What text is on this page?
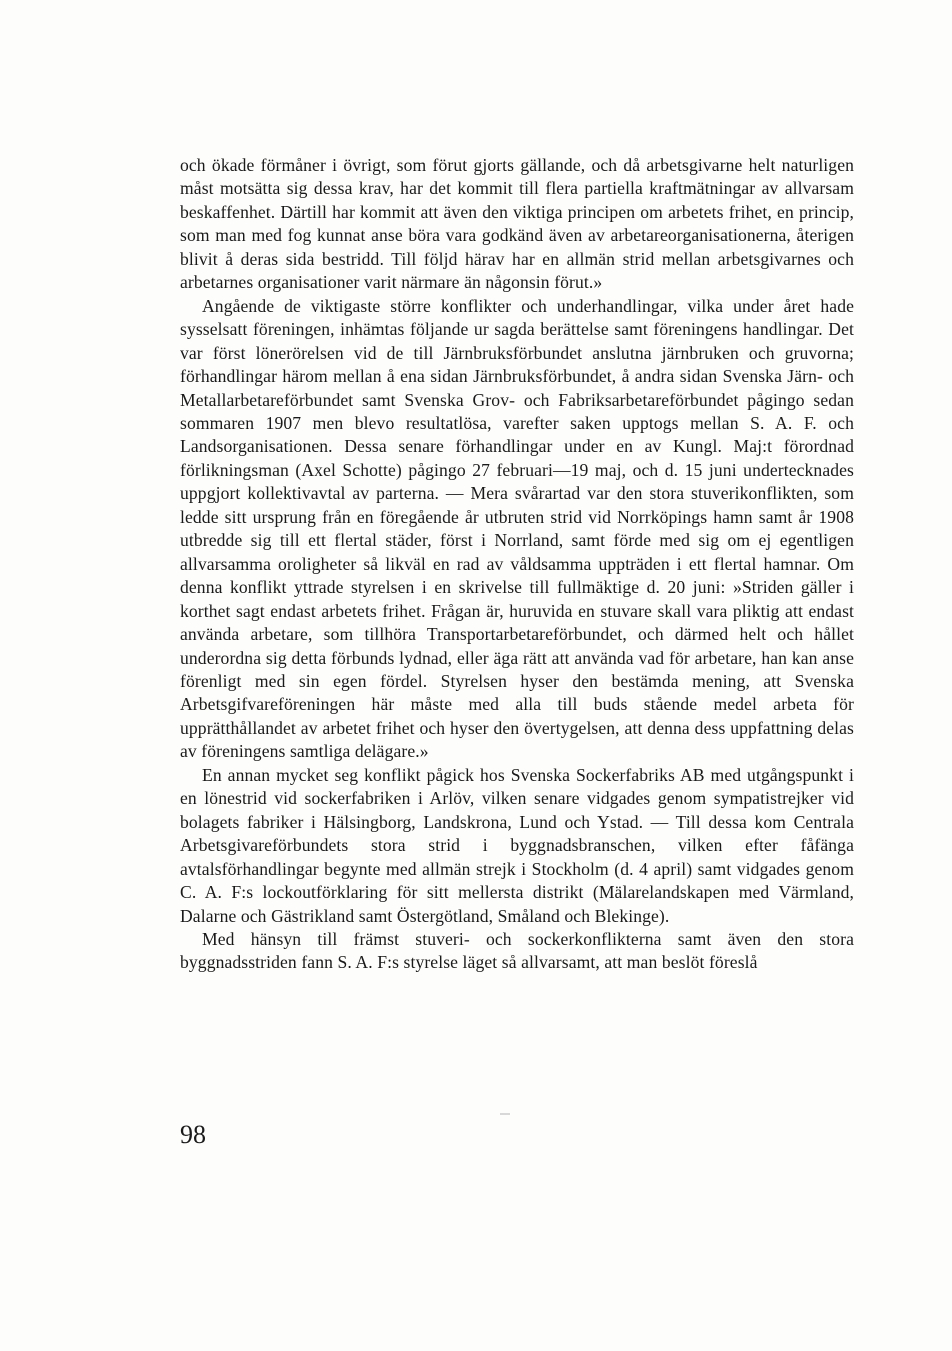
och ökade förmåner i övrigt, som förut gjorts gällande, och då arbetsgivarne helt naturligen måst motsätta sig dessa krav, har det kommit till flera partiella kraftmätningar av allvarsam beskaffenhet. Därtill har kommit att även den viktiga principen om arbetets frihet, en princip, som man med fog kunnat anse böra vara godkänd även av arbetareorganisationerna, återigen blivit å deras sida bestridd. Till följd härav har en allmän strid mellan arbetsgivarnes och arbetarnes organisationer varit närmare än någonsin förut.»

Angående de viktigaste större konflikter och underhandlingar, vilka under året hade sysselsatt föreningen, inhämtas följande ur sagda berättelse samt föreningens handlingar. Det var först lönerörelsen vid de till Järnbruksförbundet anslutna järnbruken och gruvorna; förhandlingar härom mellan å ena sidan Järnbruksförbundet, å andra sidan Svenska Järn- och Metallarbetareförbundet samt Svenska Grov- och Fabriksarbetareförbundet pågingo sedan sommaren 1907 men blevo resultatlösa, varefter saken upptogs mellan S. A. F. och Landsorganisationen. Dessa senare förhandlingar under en av Kungl. Maj:t förordnad förlikningsman (Axel Schotte) pågingo 27 februari—19 maj, och d. 15 juni undertecknades uppgjort kollektivavtal av parterna. — Mera svårartad var den stora stuverikonflikten, som ledde sitt ursprung från en föregående år utbruten strid vid Norrköpings hamn samt år 1908 utbredde sig till ett flertal städer, först i Norrland, samt förde med sig om ej egentligen allvarsamma oroligheter så likväl en rad av våldsamma uppträden i ett flertal hamnar. Om denna konflikt yttrade styrelsen i en skrivelse till fullmäktige d. 20 juni: »Striden gäller i korthet sagt endast arbetets frihet. Frågan är, huruvida en stuvare skall vara pliktig att endast använda arbetare, som tillhöra Transportarbetareförbundet, och därmed helt och hållet underordna sig detta förbunds lydnad, eller äga rätt att använda vad för arbetare, han kan anse förenligt med sin egen fördel. Styrelsen hyser den bestämda mening, att Svenska Arbetsgifvareföreningen här måste med alla till buds stående medel arbeta för upprätthållandet av arbetet frihet och hyser den övertygelsen, att denna dess uppfattning delas av föreningens samtliga delägare.»

En annan mycket seg konflikt pågick hos Svenska Sockerfabriks AB med utgångspunkt i en lönestrid vid sockerfabriken i Arlöv, vilken senare vidgades genom sympatistrejker vid bolagets fabriker i Hälsingborg, Landskrona, Lund och Ystad. — Till dessa kom Centrala Arbetsgivareförbundets stora strid i byggnadsbranschen, vilken efter fåfänga avtalsförhandlingar begynte med allmän strejk i Stockholm (d. 4 april) samt vidgades genom C. A. F:s lockoutförklaring för sitt mellersta distrikt (Mälarelandskapen med Värmland, Dalarne och Gästrikland samt Östergötland, Småland och Blekinge).

Med hänsyn till främst stuveri- och sockerkonflikterna samt även den stora byggnadsstriden fann S. A. F:s styrelse läget så allvarsamt, att man beslöt föreslå

98
